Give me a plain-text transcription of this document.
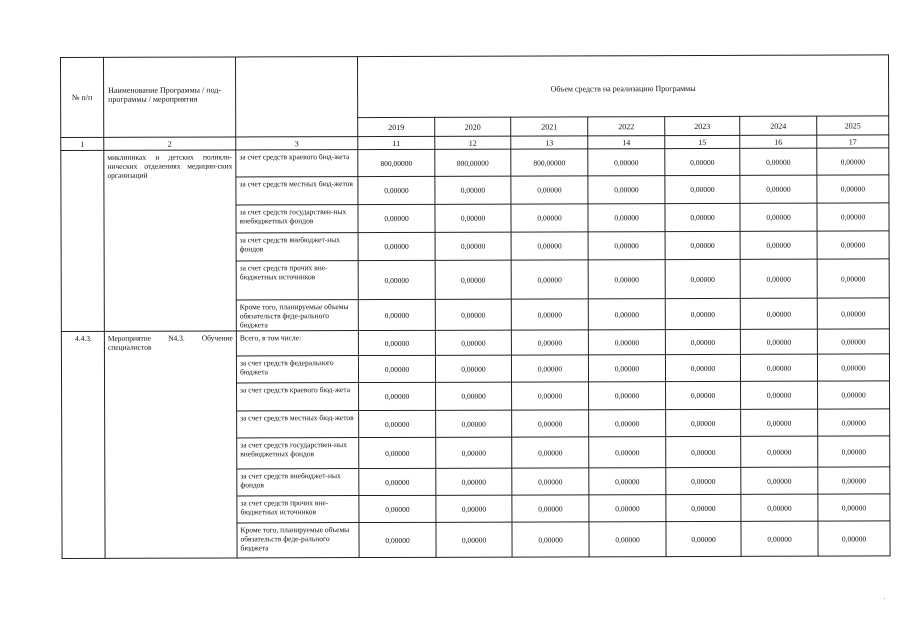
№ п/п	Наименование Программы / под-программы / мероприятия		Объем средств на реализацию Программы						
			2019	2020	2021	2022	2023	2024	2025
1	2	3	11	12	13	14	15	16	17
	миклиниках и детских поликли-нических отделениях медицин-ских организаций	за счет средств краевого бюд-жета	800,00000	800,00000	800,00000	0,00000	0,00000	0,00000	0,00000
		за счет средств местных бюд-жетов	0,00000	0,00000	0,00000	0,00000	0,00000	0,00000	0,00000
		за счет средств государствен-ных внебюджетных фондов	0,00000	0,00000	0,00000	0,00000	0,00000	0,00000	0,00000
		за счет средств внебюджет-ных фондов	0,00000	0,00000	0,00000	0,00000	0,00000	0,00000	0,00000
		за счет средств прочих вне-бюджетных источников	0,00000	0,00000	0,00000	0,00000	0,00000	0,00000	0,00000
		Кроме того, планируемые объемы обязательств феде-рального бюджета	0,00000	0,00000	0,00000	0,00000	0,00000	0,00000	0,00000
4.4.3.	Мероприятие N4.3. Обучение специалистов	Всего, в том числе:	0,00000	0,00000	0,00000	0,00000	0,00000	0,00000	0,00000
		за счет средств федерального бюджета	0,00000	0,00000	0,00000	0,00000	0,00000	0,00000	0,00000
		за счет средств краевого бюд-жета	0,00000	0,00000	0,00000	0,00000	0,00000	0,00000	0,00000
		за счет средств местных бюд-жетов	0,00000	0,00000	0,00000	0,00000	0,00000	0,00000	0,00000
		за счет средств государствен-ных внебюджетных фондов	0,00000	0,00000	0,00000	0,00000	0,00000	0,00000	0,00000
		за счет средств внебюджет-ных фондов	0,00000	0,00000	0,00000	0,00000	0,00000	0,00000	0,00000
		за счет средств прочих вне-бюджетных источников	0,00000	0,00000	0,00000	0,00000	0,00000	0,00000	0,00000
		Кроме того, планируемые объемы обязательств феде-рального бюджета	0,00000	0,00000	0,00000	0,00000	0,00000	0,00000	0,00000
